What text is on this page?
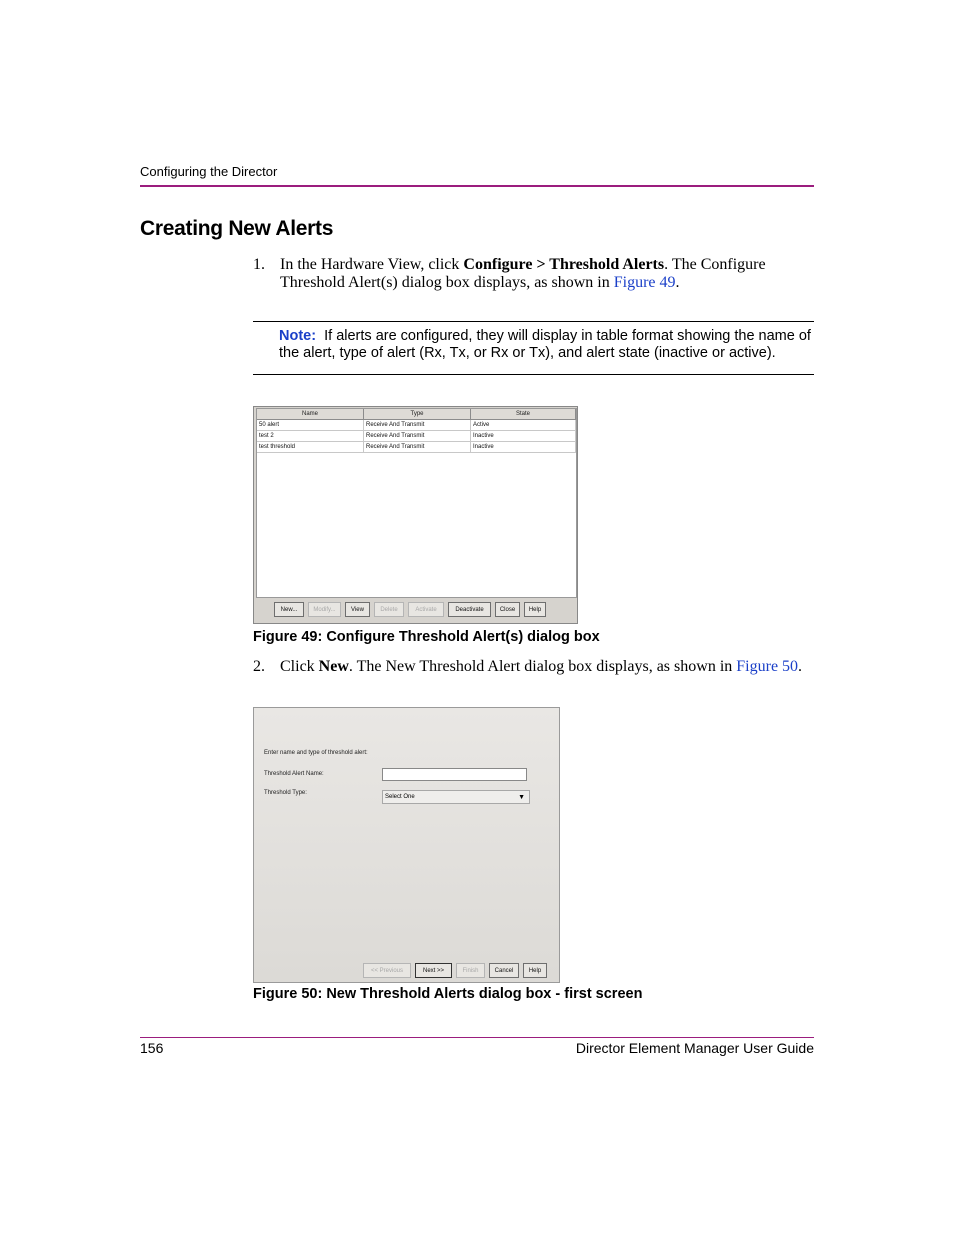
Configuring the Director
Creating New Alerts
1. In the Hardware View, click Configure > Threshold Alerts. The Configure Threshold Alert(s) dialog box displays, as shown in Figure 49.
Note: If alerts are configured, they will display in table format showing the name of the alert, type of alert (Rx, Tx, or Rx or Tx), and alert state (inactive or active).
Name	Type	State
50 alert	Receive And Transmit	Active
test 2	Receive And Transmit	Inactive
test threshold	Receive And Transmit	Inactive
New...	Modify...	View	Delete	Activate	Deactivate	Close	Help
Figure 49: Configure Threshold Alert(s) dialog box
2. Click New. The New Threshold Alert dialog box displays, as shown in Figure 50.
Enter name and type of threshold alert:
Threshold Alert Name:
Threshold Type:
Select One	▼
<< Previous	Next >>	Finish	Cancel	Help
Figure 50: New Threshold Alerts dialog box - first screen
156	Director Element Manager User Guide
